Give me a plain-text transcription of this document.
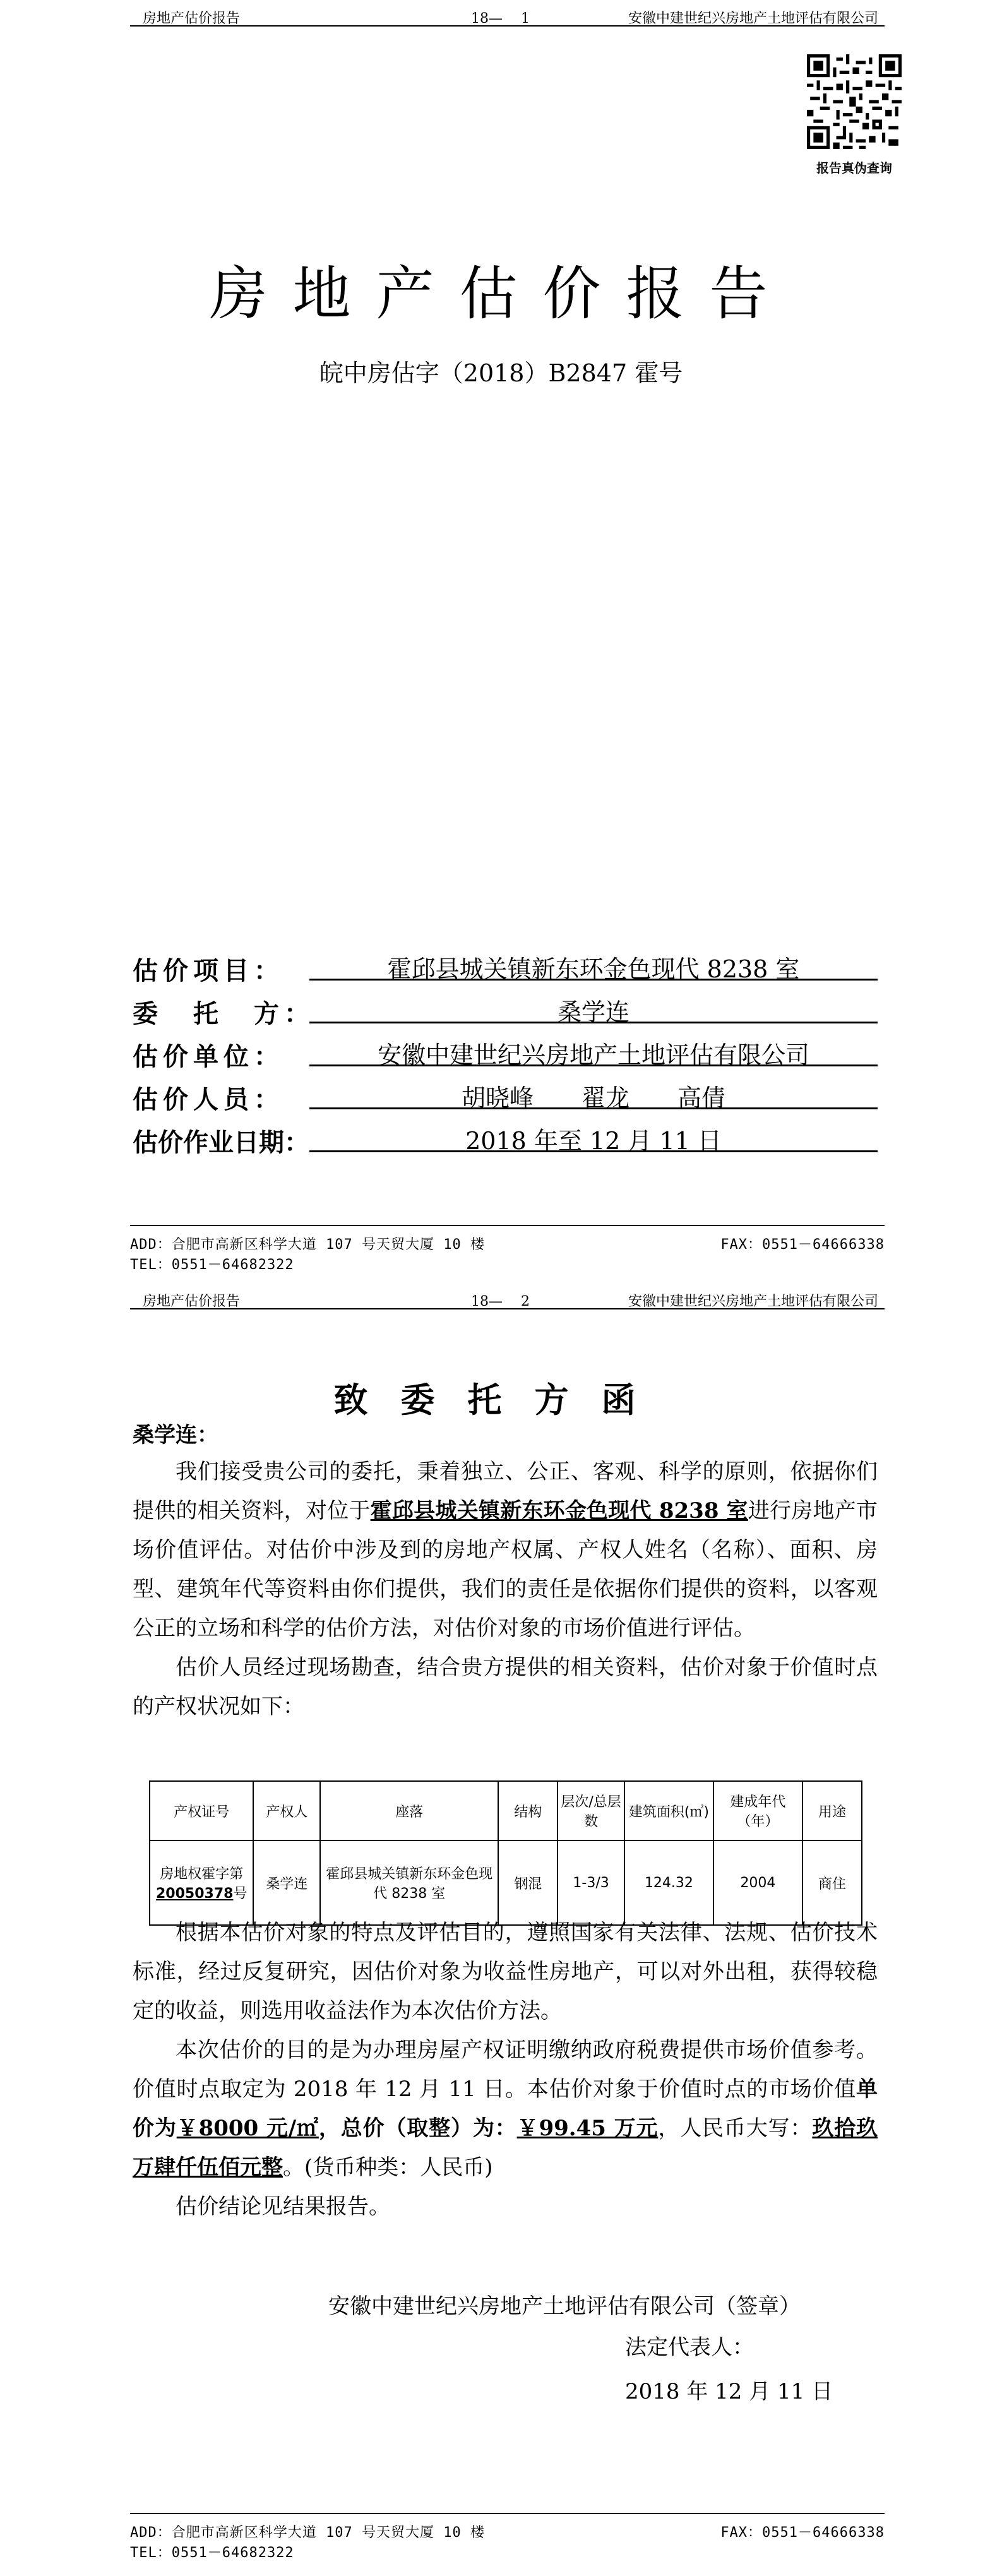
房地产估价报告	18—　 1	安徽中建世纪兴房地产土地评估有限公司
报告真伪查询
房地产估价报告
皖中房估字（2018）B2847 霍号
估价项目：	霍邱县城关镇新东环金色现代 8238 室
委　托　方：	桑学连
估价单位：	安徽中建世纪兴房地产土地评估有限公司
估价人员：	胡晓峰　　翟龙　　高倩
估价作业日期：	2018 年至 12 月 11 日
ADD：合肥市高新区科学大道 107 号天贸大厦 10 楼	FAX：0551－64666338
TEL：0551－64682322
房地产估价报告	18—　 2	安徽中建世纪兴房地产土地评估有限公司
致委托方函
桑学连：

我们接受贵公司的委托，秉着独立、公正、客观、科学的原则，依据你们提供的相关资料，对位于霍邱县城关镇新东环金色现代 8238 室进行房地产市场价值评估。对估价中涉及到的房地产权属、产权人姓名（名称）、面积、房型、建筑年代等资料由你们提供，我们的责任是依据你们提供的资料，以客观公正的立场和科学的估价方法，对估价对象的市场价值进行评估。

估价人员经过现场勘查，结合贵方提供的相关资料，估价对象于价值时点的产权状况如下：

产权证号	产权人	座落	结构	层次/总层数	建筑面积(㎡)	建成年代（年）	用途
房地权霍字第20050378号	桑学连	霍邱县城关镇新东环金色现代 8238 室	钢混	1-3/3	124.32	2004	商住

根据本估价对象的特点及评估目的，遵照国家有关法律、法规、估价技术标准，经过反复研究，因估价对象为收益性房地产，可以对外出租，获得较稳定的收益，则选用收益法作为本次估价方法。

本次估价的目的是为办理房屋产权证明缴纳政府税费提供市场价值参考。价值时点取定为 2018 年 12 月 11 日。本估价对象于价值时点的市场价值单价为￥8000 元/㎡，总价（取整）为：￥99.45 万元，人民币大写：玖拾玖万肆仟伍佰元整。(货币种类：人民币)

估价结论见结果报告。

安徽中建世纪兴房地产土地评估有限公司（签章）
法定代表人：
2018 年 12 月 11 日
ADD：合肥市高新区科学大道 107 号天贸大厦 10 楼	FAX：0551－64666338
TEL：0551－64682322
